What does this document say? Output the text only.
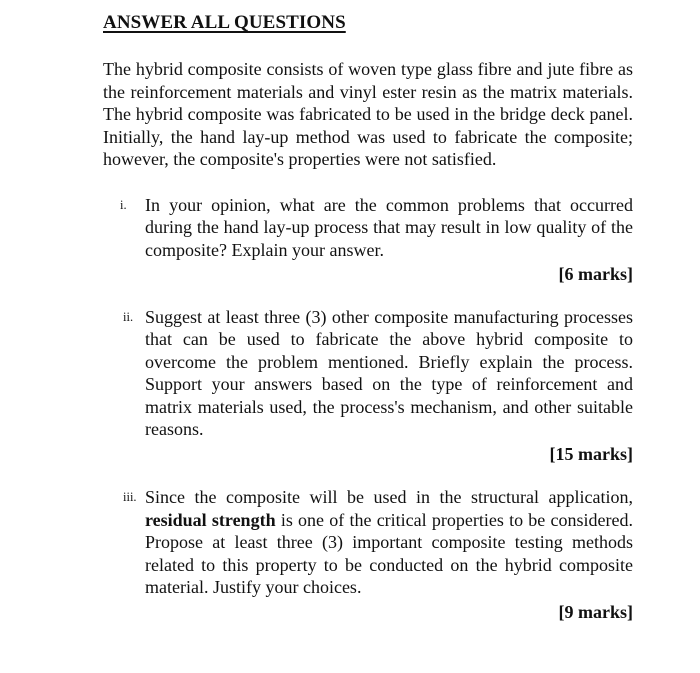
ANSWER ALL QUESTIONS

The hybrid composite consists of woven type glass fibre and jute fibre as the reinforcement materials and vinyl ester resin as the matrix materials. The hybrid composite was fabricated to be used in the bridge deck panel. Initially, the hand lay-up method was used to fabricate the composite; however, the composite's properties were not satisfied.

i. In your opinion, what are the common problems that occurred during the hand lay-up process that may result in low quality of the composite? Explain your answer.
[6 marks]
ii. Suggest at least three (3) other composite manufacturing processes that can be used to fabricate the above hybrid composite to overcome the problem mentioned. Briefly explain the process. Support your answers based on the type of reinforcement and matrix materials used, the process's mechanism, and other suitable reasons.
[15 marks]
iii. Since the composite will be used in the structural application, residual strength is one of the critical properties to be considered. Propose at least three (3) important composite testing methods related to this property to be conducted on the hybrid composite material. Justify your choices.
[9 marks]
